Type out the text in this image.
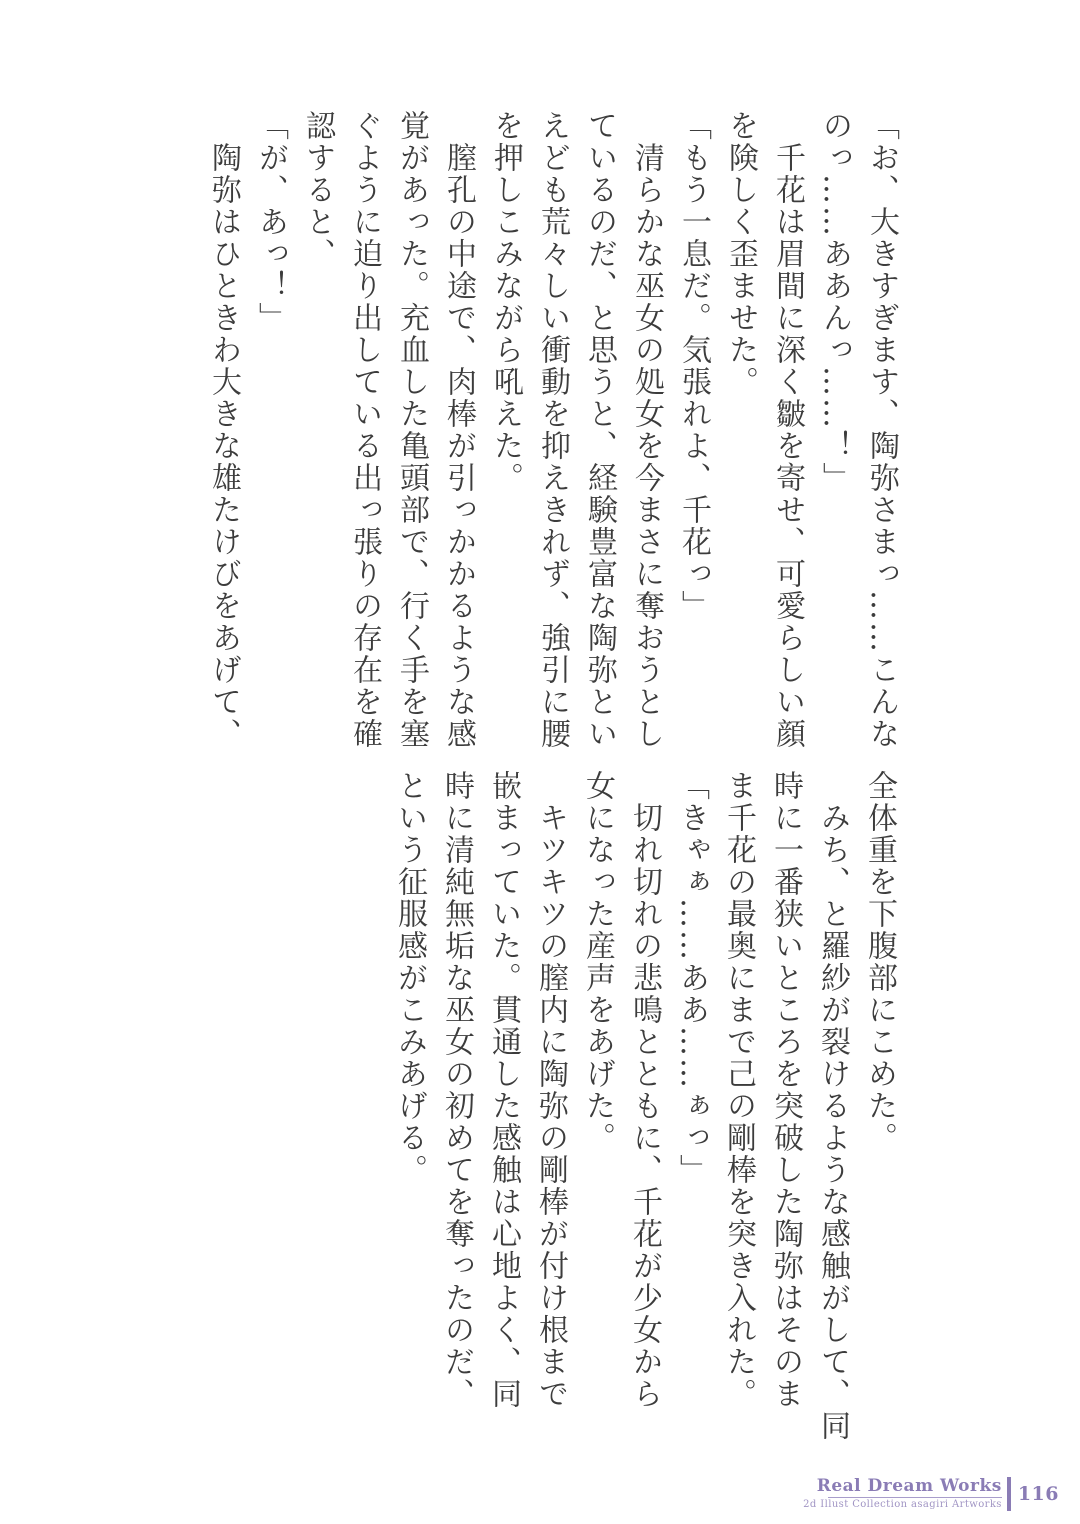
「お、大きすぎます、陶弥さまっ……こんな

のっ……ああんっ……！」

　千花は眉間に深く皺を寄せ、可愛らしい顔

を険しく歪ませた。

「もう一息だ。気張れよ、千花っ」

　清らかな巫女の処女を今まさに奪おうとし

ているのだ、と思うと、経験豊富な陶弥とい

えども荒々しい衝動を抑えきれず、強引に腰

を押しこみながら吼えた。

　膣孔の中途で、肉棒が引っかかるような感

覚があった。充血した亀頭部で、行く手を塞

ぐように迫り出している出っ張りの存在を確

認すると、

「が、あっ！」

　陶弥はひときわ大きな雄たけびをあげて、

全体重を下腹部にこめた。

　みち、と羅紗が裂けるような感触がして、同

時に一番狭いところを突破した陶弥はそのま

ま千花の最奥にまで己の剛棒を突き入れた。

「きゃぁ……ああ……ぁっ」

　切れ切れの悲鳴とともに、千花が少女から

女になった産声をあげた。

　キツキツの膣内に陶弥の剛棒が付け根まで

嵌まっていた。貫通した感触は心地よく、同

時に清純無垢な巫女の初めてを奪ったのだ、

という征服感がこみあげる。

Real Dream Works
2d Illust Collection asagiri Artworks 116
